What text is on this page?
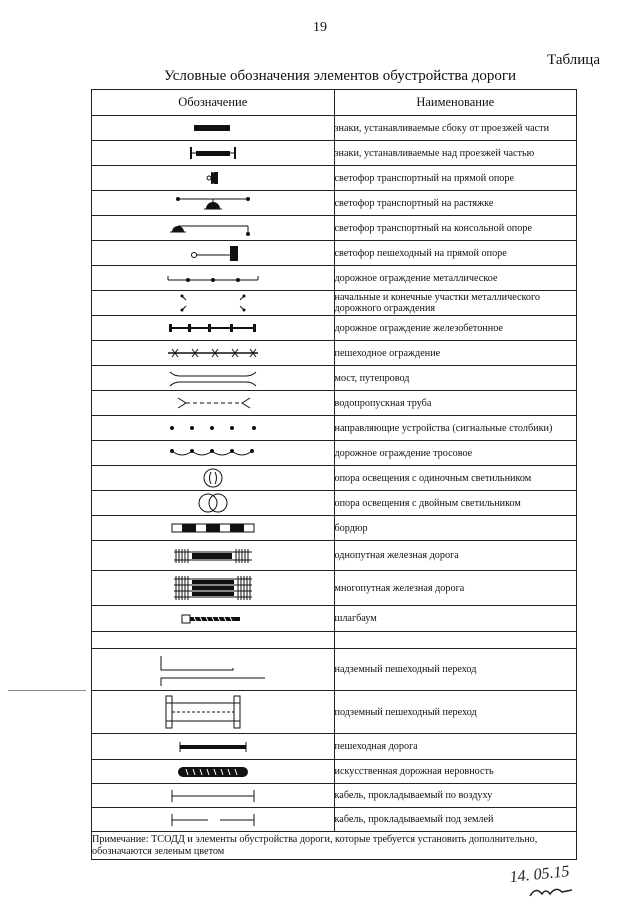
19
Таблица
Условные обозначения элементов обустройства дороги
Обозначение	Наименование

	знаки, устанавливаемые сбоку от проезжей части

	знаки, устанавливаемые над проезжей частью

	светофор транспортный на прямой опоре

	светофор транспортный на растяжке

	светофор транспортный на консольной опоре

	светофор пешеходный на прямой опоре

	дорожное ограждение металлическое

	начальные и конечные участки металлического дорожного ограждения

	дорожное ограждение железобетонное

	пешеходное ограждение

	мост, путепровод

	водопропускная труба

	направляющие устройства (сигнальные столбики)

	дорожное ограждение тросовое

	опора освещения с одиночным светильником

	опора освещения с двойным светильником

	бордюр

	однопутная железная дорога

	многопутная железная дорога

	шлагбаум

	надземный пешеходный переход

	подземный пешеходный переход

	пешеходная дорога

	искусственная дорожная неровность

	кабель, прокладываемый по воздуху

	кабель, прокладываемый под землей
Примечание: ТСОДД и элементы обустройства дороги, которые требуется установить дополнительно, обозначаются зеленым цветом	
14. 05.15
